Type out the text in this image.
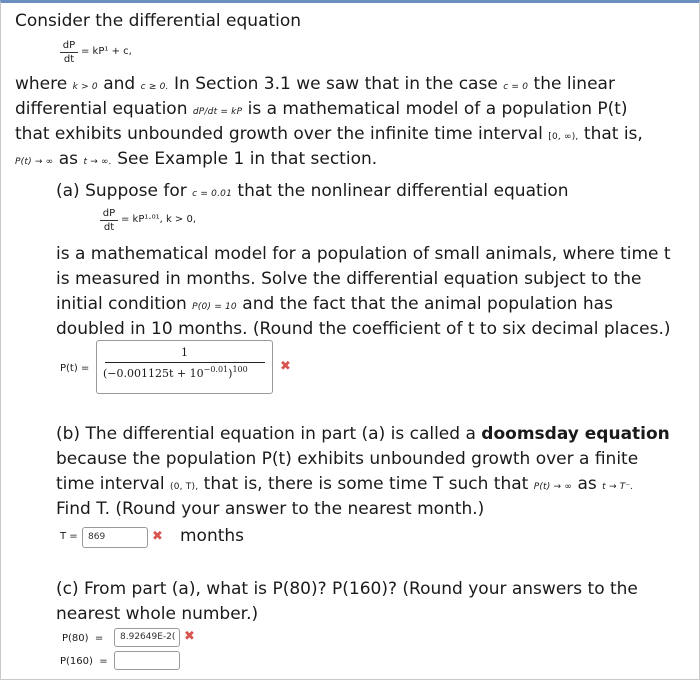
Consider the differential equation
dP
dt
= kP¹ + c,
where k > 0 and c ≥ 0. In Section 3.1 we saw that in the case c = 0 the linear
differential equation dP/dt = kP is a mathematical model of a population P(t)
that exhibits unbounded growth over the infinite time interval [0, ∞), that is,
P(t) → ∞ as t → ∞. See Example 1 in that section.
(a) Suppose for c = 0.01 that the nonlinear differential equation
dP
dt
= kP¹·⁰¹, k > 0,
is a mathematical model for a population of small animals, where time t
is measured in months. Solve the differential equation subject to the
initial condition P(0) = 10 and the fact that the animal population has
doubled in 10 months. (Round the coefficient of t to six decimal places.)
P(t) =
1
$(-0.001125t + 10^{-0.01})^{100}$ ✖
(b) The differential equation in part (a) is called a doomsday equation
because the population P(t) exhibits unbounded growth over a finite
time interval (0, T), that is, there is some time T such that P(t) → ∞ as t → T⁻.
Find T. (Round your answer to the nearest month.)
T =	869	✖ months
(c) From part (a), what is P(80)? P(160)? (Round your answers to the
nearest whole number.)
P(80)  =	8.92649E-2( ✖
P(160)  =
